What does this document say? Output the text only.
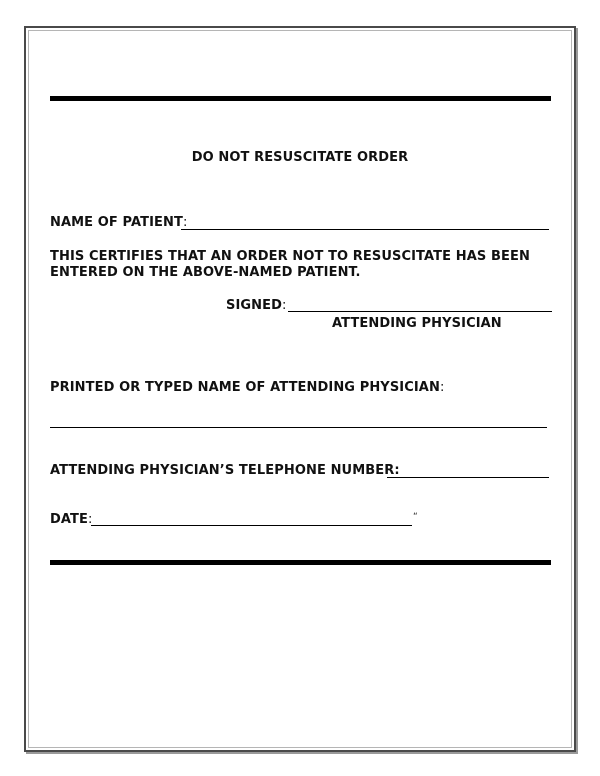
DO NOT RESUSCITATE ORDER
NAME OF PATIENT:
THIS CERTIFIES THAT AN ORDER NOT TO RESUSCITATE HAS BEEN
ENTERED ON THE ABOVE-NAMED PATIENT.
SIGNED:
ATTENDING PHYSICIAN
PRINTED OR TYPED NAME OF ATTENDING PHYSICIAN:
ATTENDING PHYSICIAN’S TELEPHONE NUMBER:
DATE:	“
